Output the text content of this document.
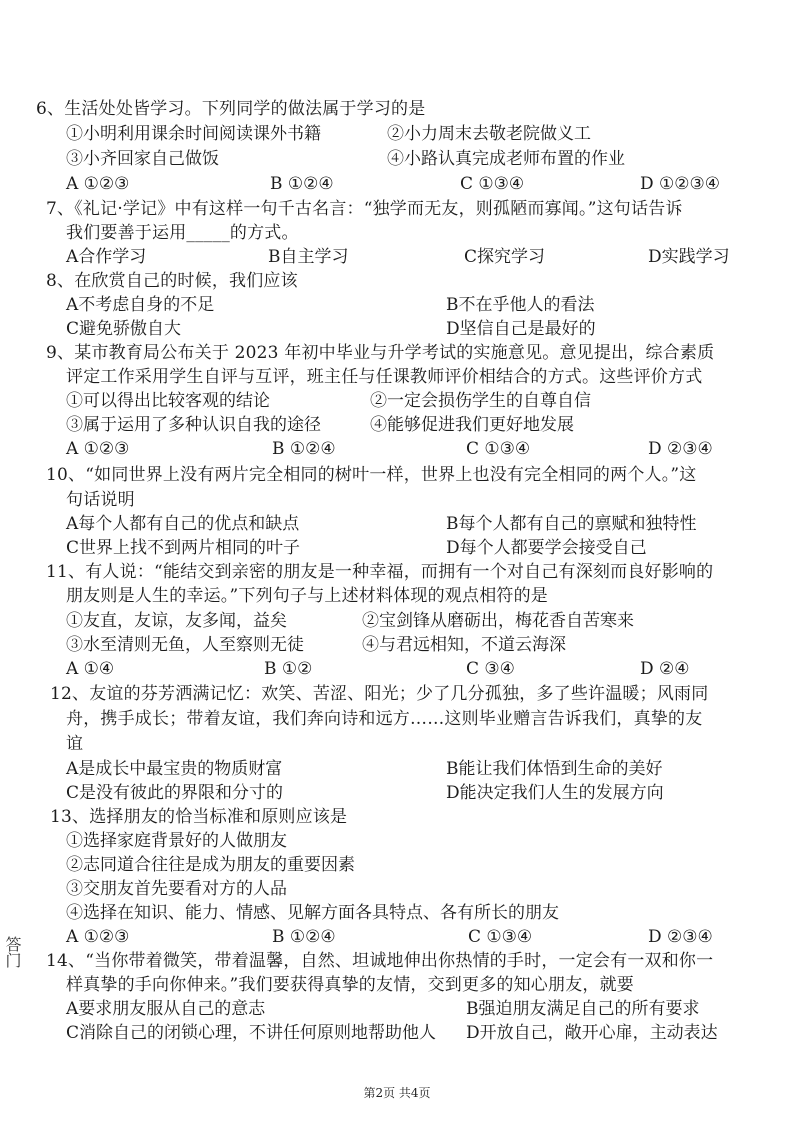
6、生活处处皆学习。下列同学的做法属于学习的是
①小明利用课余时间阅读课外书籍	②小力周末去敬老院做义工
③小齐回家自己做饭	④小路认真完成老师布置的作业
A ①②③	B ①②④	C ①③④	D ①②③④
7、《礼记·学记》中有这样一句千古名言：“独学而无友，则孤陋而寡闻。”这句话告诉
我们要善于运用_____的方式。
A合作学习	B自主学习	C探究学习	D实践学习
8、在欣赏自己的时候，我们应该
A不考虑自身的不足	B不在乎他人的看法
C避免骄傲自大	D坚信自己是最好的
9、某市教育局公布关于 2023 年初中毕业与升学考试的实施意见。意见提出，综合素质
评定工作采用学生自评与互评，班主任与任课教师评价相结合的方式。这些评价方式
①可以得出比较客观的结论	②一定会损伤学生的自尊自信
③属于运用了多种认识自我的途径	④能够促进我们更好地发展
A ①②③	B ①②④	C ①③④	D ②③④
10、“如同世界上没有两片完全相同的树叶一样，世界上也没有完全相同的两个人。”这
句话说明
A每个人都有自己的优点和缺点	B每个人都有自己的禀赋和独特性
C世界上找不到两片相同的叶子	D每个人都要学会接受自己
11、有人说：“能结交到亲密的朋友是一种幸福，而拥有一个对自己有深刻而良好影响的
朋友则是人生的幸运。”下列句子与上述材料体现的观点相符的是
①友直，友谅，友多闻，益矣	②宝剑锋从磨砺出，梅花香自苦寒来
③水至清则无鱼，人至察则无徒	④与君远相知，不道云海深
A ①④	B ①②	C ③④	D ②④
12、友谊的芬芳洒满记忆：欢笑、苦涩、阳光；少了几分孤独，多了些许温暖；风雨同
舟，携手成长；带着友谊，我们奔向诗和远方……这则毕业赠言告诉我们，真挚的友
谊
A是成长中最宝贵的物质财富	B能让我们体悟到生命的美好
C是没有彼此的界限和分寸的	D能决定我们人生的发展方向
13、选择朋友的恰当标准和原则应该是
①选择家庭背景好的人做朋友
②志同道合往往是成为朋友的重要因素
③交朋友首先要看对方的人品
④选择在知识、能力、情感、见解方面各具特点、各有所长的朋友
A ①②③	B ①②④	C ①③④	D ②③④
14、“当你带着微笑，带着温馨，自然、坦诚地伸出你热情的手时，一定会有一双和你一
样真挚的手向你伸来。”我们要获得真挚的友情，交到更多的知心朋友，就要
A要求朋友服从自己的意志	B强迫朋友满足自己的所有要求
C消除自己的闭锁心理，不讲任何原则地帮助他人 D开放自己，敞开心扉，主动表达
答门
第2页 共4页
